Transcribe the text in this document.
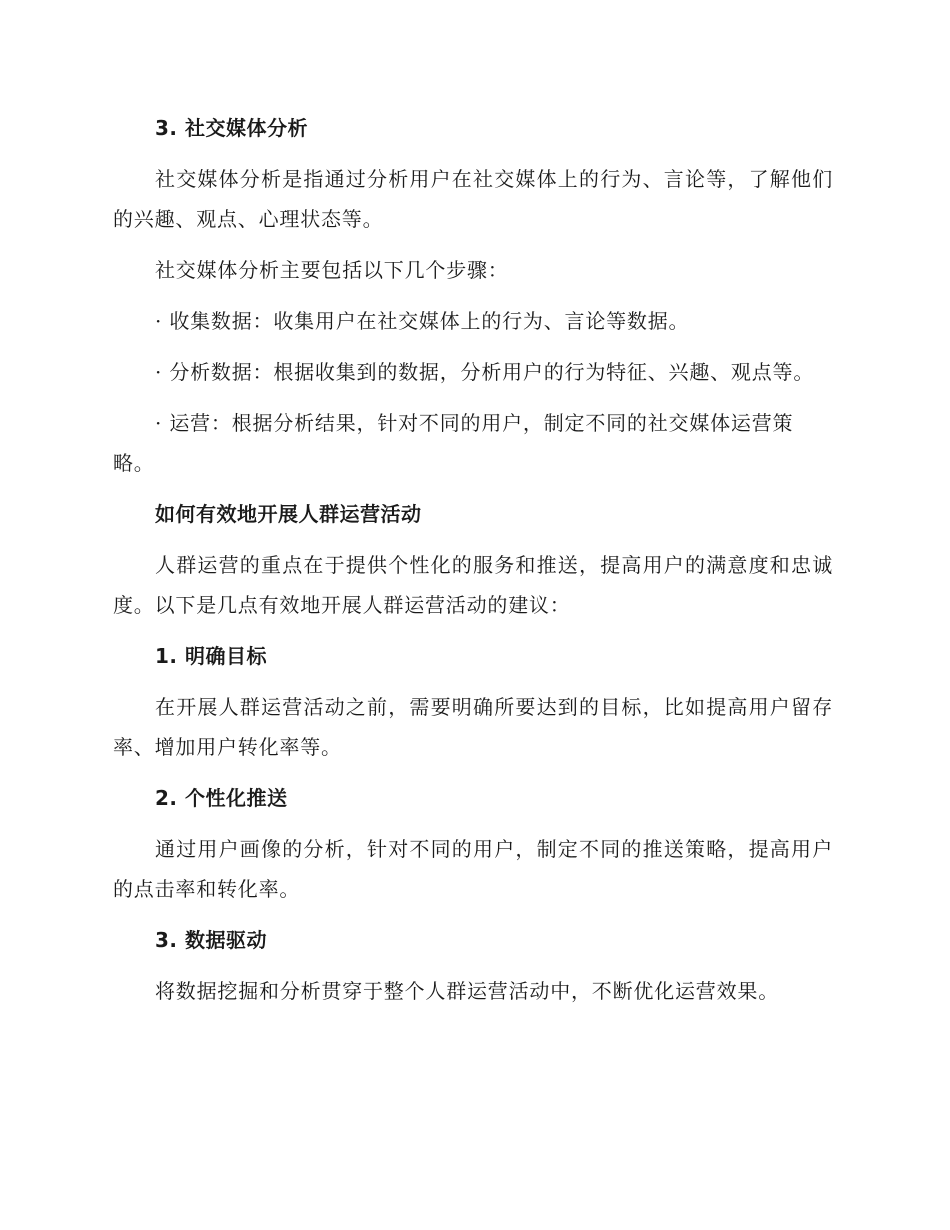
3. 社交媒体分析
社交媒体分析是指通过分析用户在社交媒体上的行为、言论等，了解他们的兴趣、观点、心理状态等。
社交媒体分析主要包括以下几个步骤：
· 收集数据：收集用户在社交媒体上的行为、言论等数据。
· 分析数据：根据收集到的数据，分析用户的行为特征、兴趣、观点等。
· 运营：根据分析结果，针对不同的用户，制定不同的社交媒体运营策略。
如何有效地开展人群运营活动
人群运营的重点在于提供个性化的服务和推送，提高用户的满意度和忠诚度。以下是几点有效地开展人群运营活动的建议：
1. 明确目标
在开展人群运营活动之前，需要明确所要达到的目标，比如提高用户留存率、增加用户转化率等。
2. 个性化推送
通过用户画像的分析，针对不同的用户，制定不同的推送策略，提高用户的点击率和转化率。
3. 数据驱动
将数据挖掘和分析贯穿于整个人群运营活动中，不断优化运营效果。
